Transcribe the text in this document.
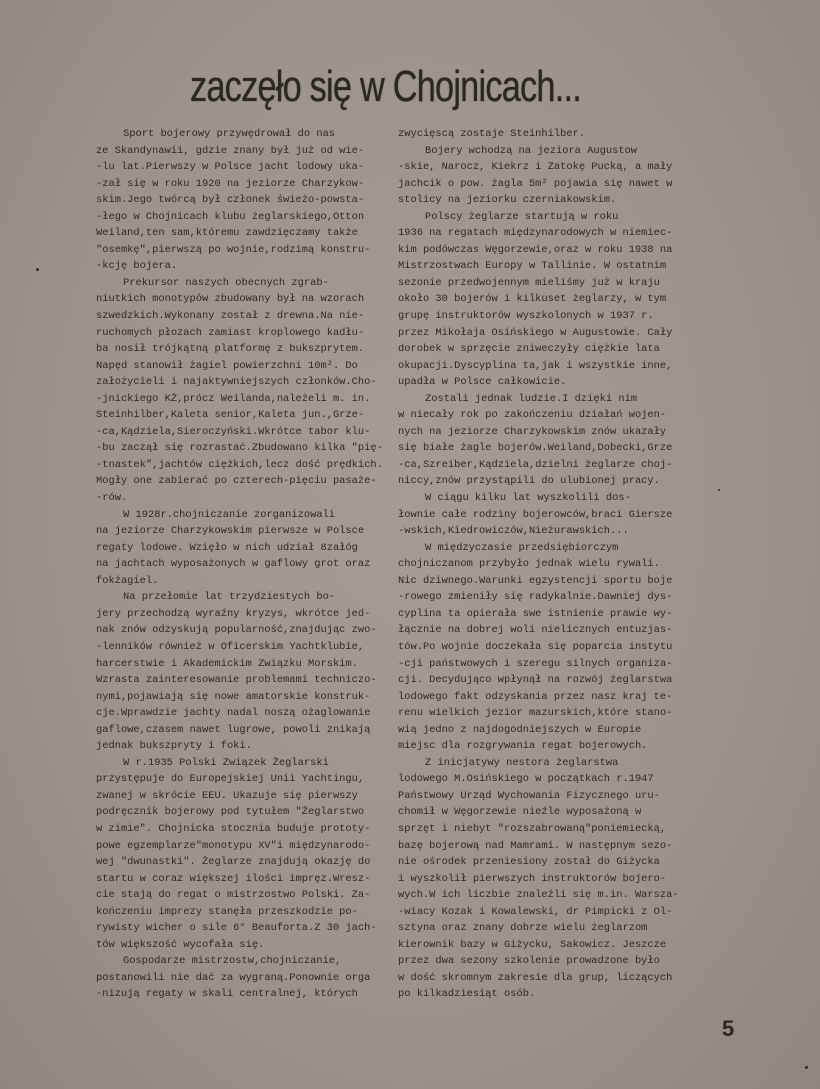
zaczęło się w Chojnicach...
Sport bojerowy przywędrował do nas
ze Skandynawii, gdzie znany był już od wie-
-lu lat.Pierwszy w Polsce jacht lodowy uka-
-zał się w roku 1920 na jeziorze Charzykow-
skim.Jego twórcą był członek świeżo-powsta-
-łego w Chojnicach klubu żeglarskiego,Otton
Weiland,ten sam,któremu zawdzięczamy także
"osemkę",pierwszą po wojnie,rodzimą konstru-
-kcję bojera.
Prekursor naszych obecnych zgrab-
niutkich monotypów zbudowany był na wzorach
szwedzkich.Wykonany został z drewna.Na nie-
ruchomych płozach zamiast kroplowego kadłu-
ba nosił trójkątną platformę z bukszprytem.
Napęd stanowił żagiel powierzchni 10m². Do
założycieli i najaktywniejszych członków.Cho-
-jnickiego KŻ,prócz Weilanda,należeli m. in.
Steinhilber,Kaleta senior,Kaleta jun.,Grze-
-ca,Kądziela,Sieroczyński.Wkrótce tabor klu-
-bu zaczął się rozrastać.Zbudowano kilka "pię-
-tnastek",jachtów ciężkich,lecz dość prędkich.
Mogły one zabierać po czterech-pięciu pasaże-
-rów.
W 1928r.chojniczanie zorganizowali
na jeziorze Charzykowskim pierwsze w Polsce
regaty lodowe. Wzięło w nich udział 8załóg
na jachtach wyposażonych w gaflowy grot oraz
fokżagiel.
Na przełomie lat trzydziestych bo-
jery przechodzą wyraźny kryzys, wkrótce jed-
nak znów odzyskują popularność,znajdując zwo-
-lenników również w Oficerskim Yachtklubie,
harcerstwie i Akademickim Związku Morskim.
Wzrasta zainteresowanie problemami techniczo-
nymi,pojawiają się nowe amatorskie konstruk-
cje.Wprawdzie jachty nadal noszą ożaglowanie
gaflowe,czasem nawet lugrowe, powoli znikają
jednak bukszpryty i foki.
W r.1935 Polski Związek Żeglarski
przystępuje do Europejskiej Unii Yachtingu,
zwanej w skrócie EEU. Ukazuje się pierwszy
podręcznik bojerowy pod tytułem "Żeglarstwo
w zimie". Chojnicka stocznia buduje prototy-
powe egzemplarze"monotypu XV"i międzynarodo-
wej "dwunastki". Żeglarze znajdują okazję do
startu w coraz większej ilości impręz.Wresz-
cie stają do regat o mistrzostwo Polski. Za-
kończeniu imprezy stanęła przeszkodzie po-
rywisty wicher o sile 6° Beauforta.Z 30 jach-
tów większość wycofała się.
Gospodarze mistrzostw,chojniczanie,
postanowili nie dać za wygraną.Ponownie orga
-nizują regaty w skali centralnej, których
zwycięscą zostaje Steinhilber.
Bojery wchodzą na jeziora Augustow
-skie, Narocz, Kiekrz i Zatokę Pucką, a mały
jachcik o pow. żagla 5m² pojawia się nawet w
stolicy na jeziorku czerniakowskim.
Polscy żeglarze startują w roku
1936 na regatach międzynarodowych w niemiec-
kim podówczas Węgorzewie,oraz w roku 1938 na
Mistrzostwach Europy w Tallinie. W ostatnim
sezonie przedwojennym mieliśmy już w kraju
około 30 bojerów i kilkuset żeglarzy, w tym
grupę instruktorów wyszkolonych w 1937 r.
przez Mikołaja Osińskiego w Augustowie. Cały
dorobek w sprzęcie zniweczyły ciężkie lata
okupacji.Dyscyplina ta,jak i wszystkie inne,
upadła w Polsce całkowicie.
Zostali jednak ludzie.I dzięki nim
w niecały rok po zakończeniu działań wojen-
nych na jeziorze Charzykowskim znów ukazały
się białe żagle bojerów.Weiland,Dobecki,Grze
-ca,Szreiber,Kądziela,dzielni żeglarze choj-
niccy,znów przystąpili do ulubionej pracy.
W ciągu kilku lat wyszkolili dos-
łownie całe rodziny bojerowców,braci Giersze
-wskich,Kiedrowiczów,Nieżurawskich...
W międzyczasie przedsiębiorczym
chojniczanom przybyło jednak wielu rywali.
Nic dziwnego.Warunki egzystencji sportu boje
-rowego zmieniły się radykalnie.Dawniej dys-
cyplina ta opierała swe istnienie prawie wy-
łącznie na dobrej woli nielicznych entuzjas-
tów.Po wojnie doczekała się poparcia instytu
-cji państwowych i szeregu silnych organiza-
cji. Decydująco wpłynął na rozwój żeglarstwa
lodowego fakt odzyskania przez nasz kraj te-
renu wielkich jezior mazurskich,które stano-
wią jedno z najdogodniejszych w Europie
miejsc dla rozgrywania regat bojerowych.
Z inicjatywy nestora żeglarstwa
lodowego M.Osińskiego w początkach r.1947
Państwowy Urząd Wychowania Fizycznego uru-
chomił w Węgorzewie nieźle wyposażoną w
sprzęt i niebyt "rozszabrowaną"poniemiecką,
bazę bojerową nad Mamrami. W następnym sezo-
nie ośrodek przeniesiony został do Giżycka
i wyszkolił pierwszych instruktorów bojero-
wych.W ich liczbie znaleźli się m.in. Warsza-
-wiacy Kozak i Kowalewski, dr Pimpicki z Ol-
sztyna oraz znany dobrze wielu żeglarzom
kierownik bazy w Giżycku, Sakowicz. Jeszcze
przez dwa sezony szkolenie prowadzone było
w dość skromnym zakresie dla grup, liczących
po kilkadziesiąt osób.
5
